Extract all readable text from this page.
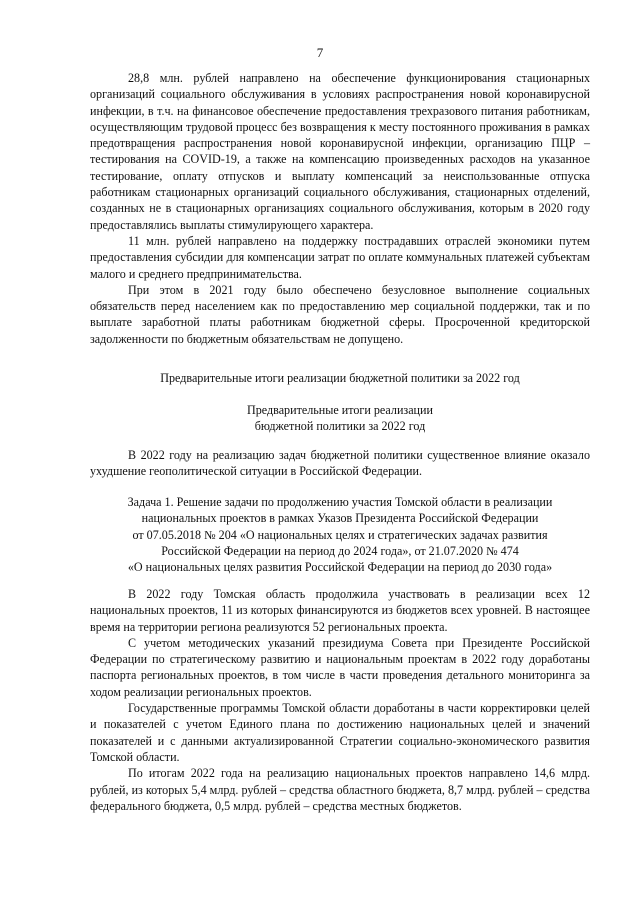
7

28,8 млн. рублей направлено на обеспечение функционирования стационарных организаций социального обслуживания в условиях распространения новой коронавирусной инфекции, в т.ч. на финансовое обеспечение предоставления трехразового питания работникам, осуществляющим трудовой процесс без возвращения к месту постоянного проживания в рамках предотвращения распространения новой коронавирусной инфекции, организацию ПЦР – тестирования на COVID-19, а также на компенсацию произведенных расходов на указанное тестирование, оплату отпусков и выплату компенсаций за неиспользованные отпуска работникам стационарных организаций социального обслуживания, стационарных отделений, созданных не в стационарных организациях социального обслуживания, которым в 2020 году предоставлялись выплаты стимулирующего характера.

11 млн. рублей направлено на поддержку пострадавших отраслей экономики путем предоставления субсидии для компенсации затрат по оплате коммунальных платежей субъектам малого и среднего предпринимательства.

При этом в 2021 году было обеспечено безусловное выполнение социальных обязательств перед населением как по предоставлению мер социальной поддержки, так и по выплате заработной платы работникам бюджетной сферы. Просроченной кредиторской задолженности по бюджетным обязательствам не допущено.

Предварительные итоги реализации бюджетной политики за 2022 год

Предварительные итоги реализации

бюджетной политики за 2022 год

В 2022 году на реализацию задач бюджетной политики существенное влияние оказало ухудшение геополитической ситуации в Российской Федерации.

Задача 1. Решение задачи по продолжению участия Томской области в реализации

национальных проектов в рамках Указов Президента Российской Федерации

от 07.05.2018 № 204 «О национальных целях и стратегических задачах развития

Российской Федерации на период до 2024 года», от 21.07.2020 № 474

«О национальных целях развития Российской Федерации на период до 2030 года»

В 2022 году Томская область продолжила участвовать в реализации всех 12 национальных проектов, 11 из которых финансируются из бюджетов всех уровней. В настоящее время на территории региона реализуются 52 региональных проекта.

С учетом методических указаний президиума Совета при Президенте Российской Федерации по стратегическому развитию и национальным проектам в 2022 году доработаны паспорта региональных проектов, в том числе в части проведения детального мониторинга за ходом реализации региональных проектов.

Государственные программы Томской области доработаны в части корректировки целей и показателей с учетом Единого плана по достижению национальных целей и значений показателей и с данными актуализированной Стратегии социально-экономического развития Томской области.

По итогам 2022 года на реализацию национальных проектов направлено 14,6 млрд. рублей, из которых 5,4 млрд. рублей – средства областного бюджета, 8,7 млрд. рублей – средства федерального бюджета, 0,5 млрд. рублей – средства местных бюджетов.
